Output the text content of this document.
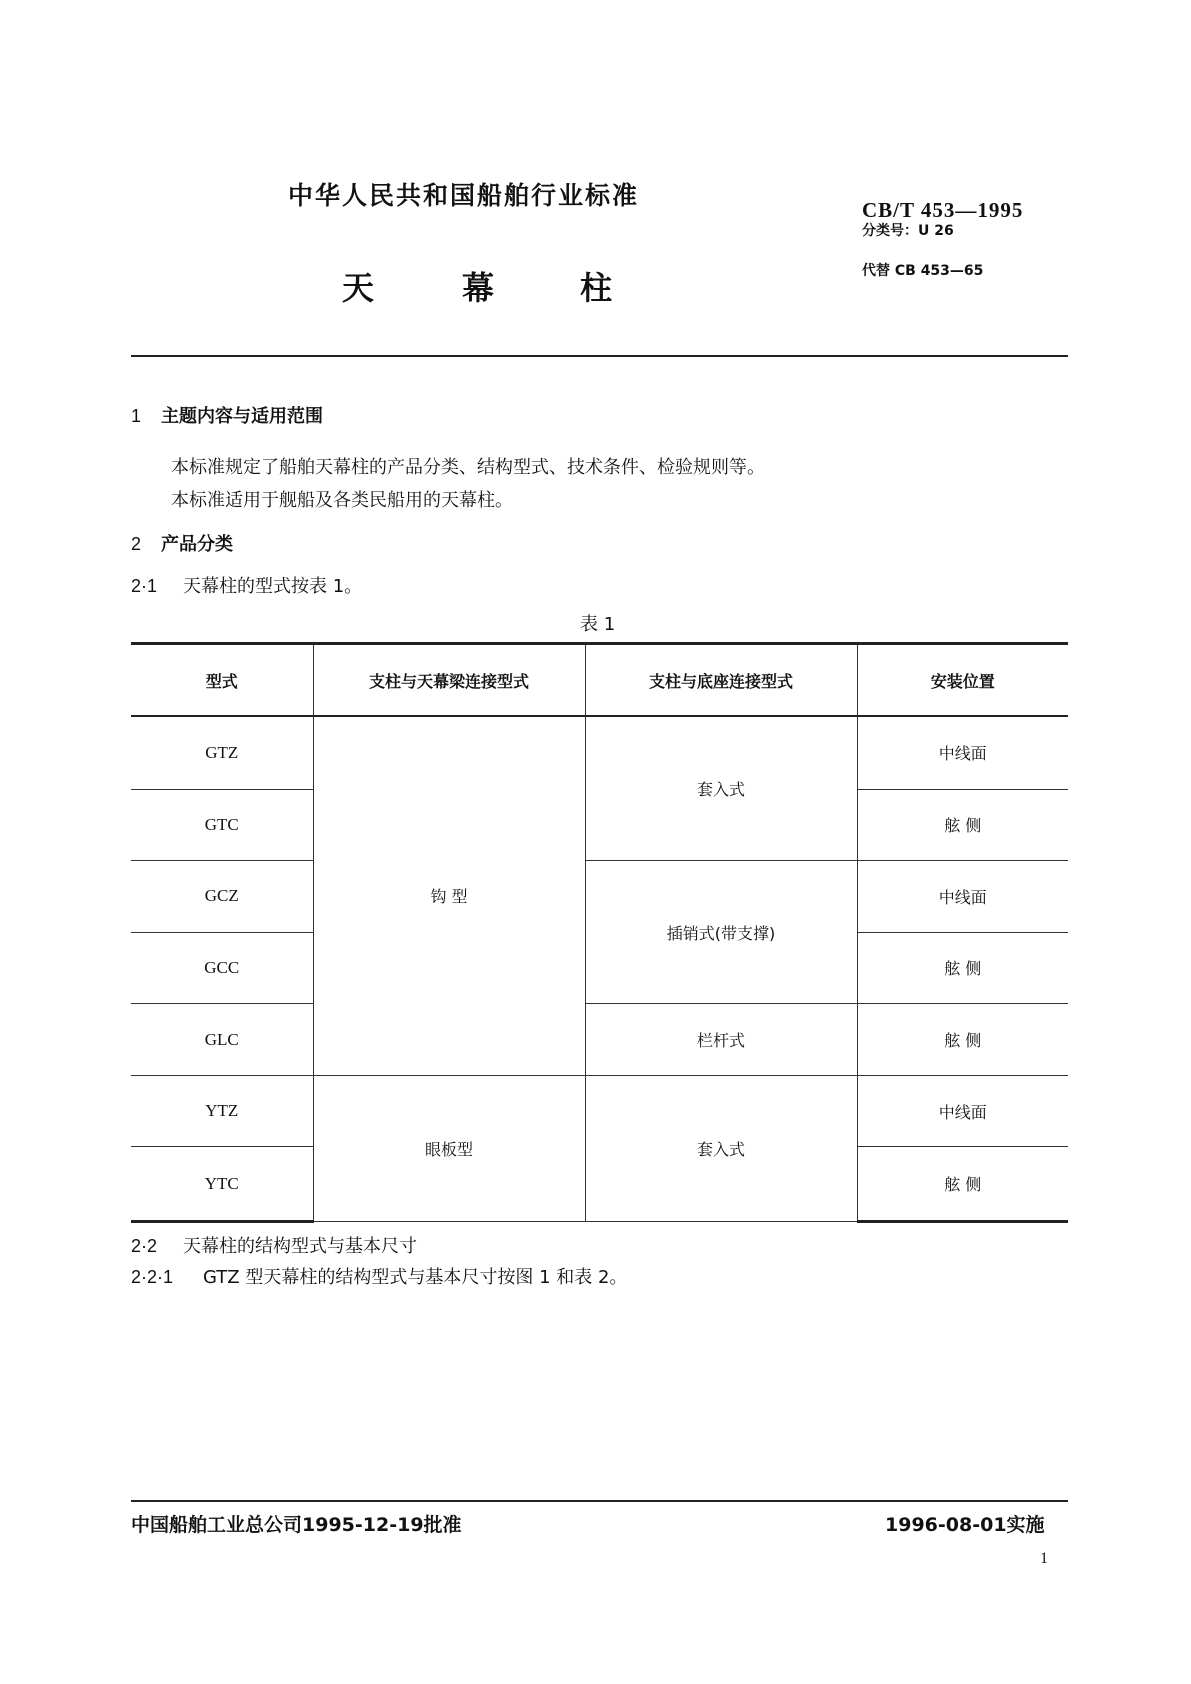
中华人民共和国船舶行业标准
天	幕	柱
CB/T 453—1995
分类号：U 26
代替 CB 453—65
1 主题内容与适用范围
本标准规定了船舶天幕柱的产品分类、结构型式、技术条件、检验规则等。
本标准适用于舰船及各类民船用的天幕柱。
2 产品分类
2·1 天幕柱的型式按表 1。
表 1
型式	支柱与天幕梁连接型式	支柱与底座连接型式	安装位置
GTZ	钩 型	套入式	中线面
GTC			舷 侧
GCZ		插销式(带支撑)	中线面
GCC			舷 侧
GLC		栏杆式	舷 侧
YTZ	眼板型	套入式	中线面
YTC			舷 侧
2·2 天幕柱的结构型式与基本尺寸
2·2·1 GTZ 型天幕柱的结构型式与基本尺寸按图 1 和表 2。
中国船舶工业总公司1995-12-19批准	1996-08-01实施
1
